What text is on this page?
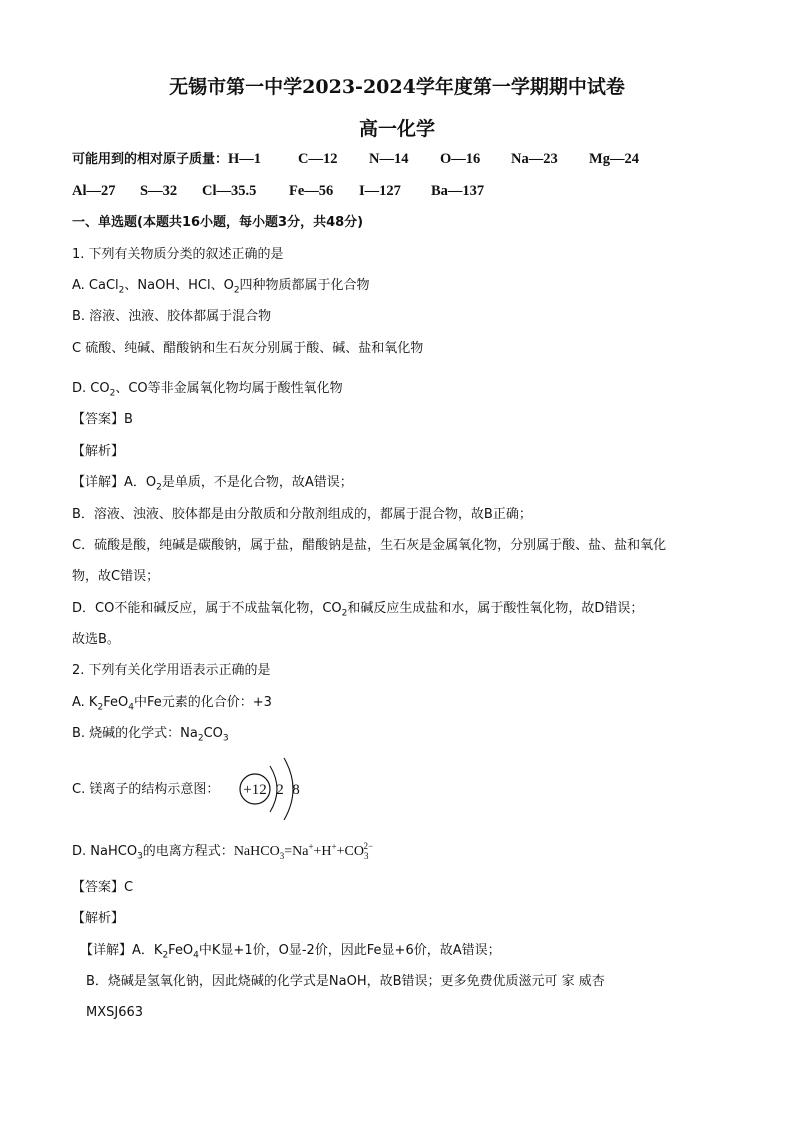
无锡市第一中学2023-2024学年度第一学期期中试卷
高一化学
可能用到的相对原子质量：H—1	C—12 N—14 O—16 Na—23 Mg—24
Al—27 S—32 Cl—35.5 Fe—56 I—127 Ba—137
一、单选题(本题共16小题，每小题3分，共48分)
1. 下列有关物质分类的叙述正确的是
A. CaCl$_2$、NaOH、HCl、$O_2$四种物质都属于化合物
B. 溶液、浊液、胶体都属于混合物
C 硫酸、纯碱、醋酸钠和生石灰分别属于酸、碱、盐和氧化物
D. $CO_2$、CO等非金属氧化物均属于酸性氧化物
【答案】B
【解析】
【详解】A．$O_2$是单质，不是化合物，故A错误；
B．溶液、浊液、胶体都是由分散质和分散剂组成的，都属于混合物，故B正确；
C．硫酸是酸，纯碱是碳酸钠，属于盐，醋酸钠是盐，生石灰是金属氧化物，分别属于酸、盐、盐和氧化
物，故C错误；
D．CO不能和碱反应，属于不成盐氧化物，$CO_2$和碱反应生成盐和水，属于酸性氧化物，故D错误；
故选B。
2. 下列有关化学用语表示正确的是
A. $K_2FeO_4$中Fe元素的化合价：+3
B. 烧碱的化学式：$Na_2CO_3$
C. 镁离子的结构示意图： +12 2 8
D. NaHCO$_3$的电离方程式：$NaHCO_3=Na^++H^++CO_3^{2-}$
【答案】C
【解析】
【详解】A．$K_2FeO_4$中K显+1价，O显-2价，因此Fe显+6价，故A错误；
B．烧碱是氢氧化钠，因此烧碱的化学式是NaOH，故B错误；更多免费优质滋元可 家 威杏
MXSJ663
